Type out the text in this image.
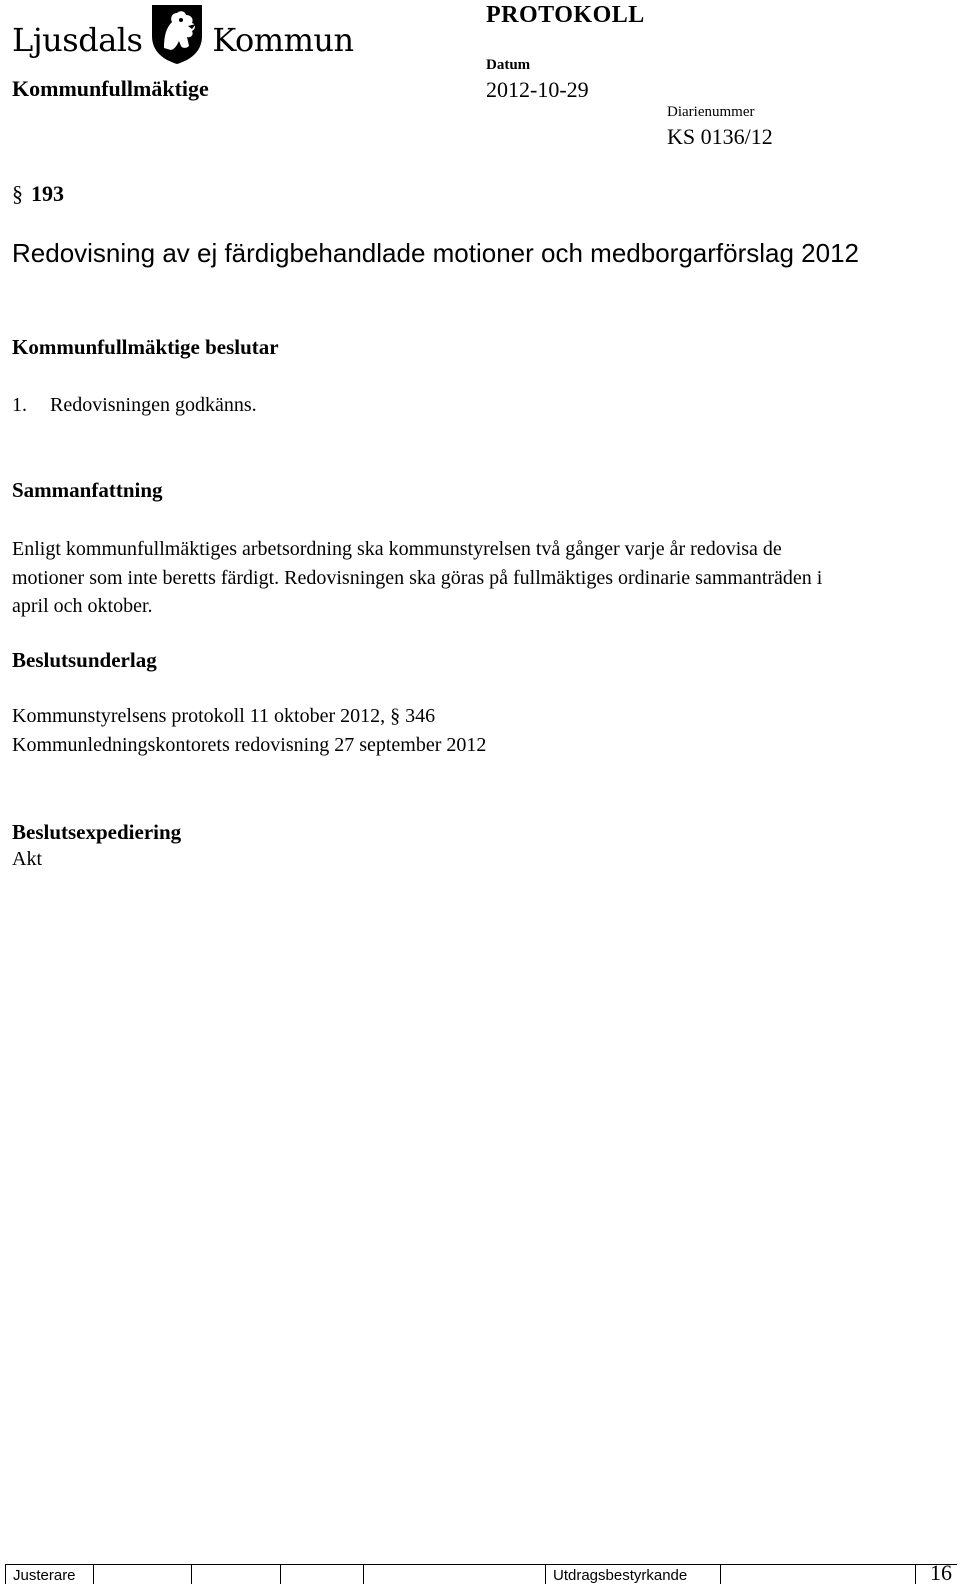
Ljusdals Kommun
PROTOKOLL
Kommunfullmäktige
Datum
2012-10-29
Diarienummer
KS 0136/12
§ 193
Redovisning av ej färdigbehandlade motioner och medborgarförslag 2012
Kommunfullmäktige beslutar
1. Redovisningen godkänns.
Sammanfattning
Enligt kommunfullmäktiges arbetsordning ska kommunstyrelsen två gånger varje år redovisa de motioner som inte beretts färdigt. Redovisningen ska göras på fullmäktiges ordinarie sammanträden i april och oktober.
Beslutsunderlag
Kommunstyrelsens protokoll 11 oktober 2012, § 346
Kommunledningskontorets redovisning 27 september 2012
Beslutsexpediering
Akt
Justerare	Utdragsbestyrkande	16
